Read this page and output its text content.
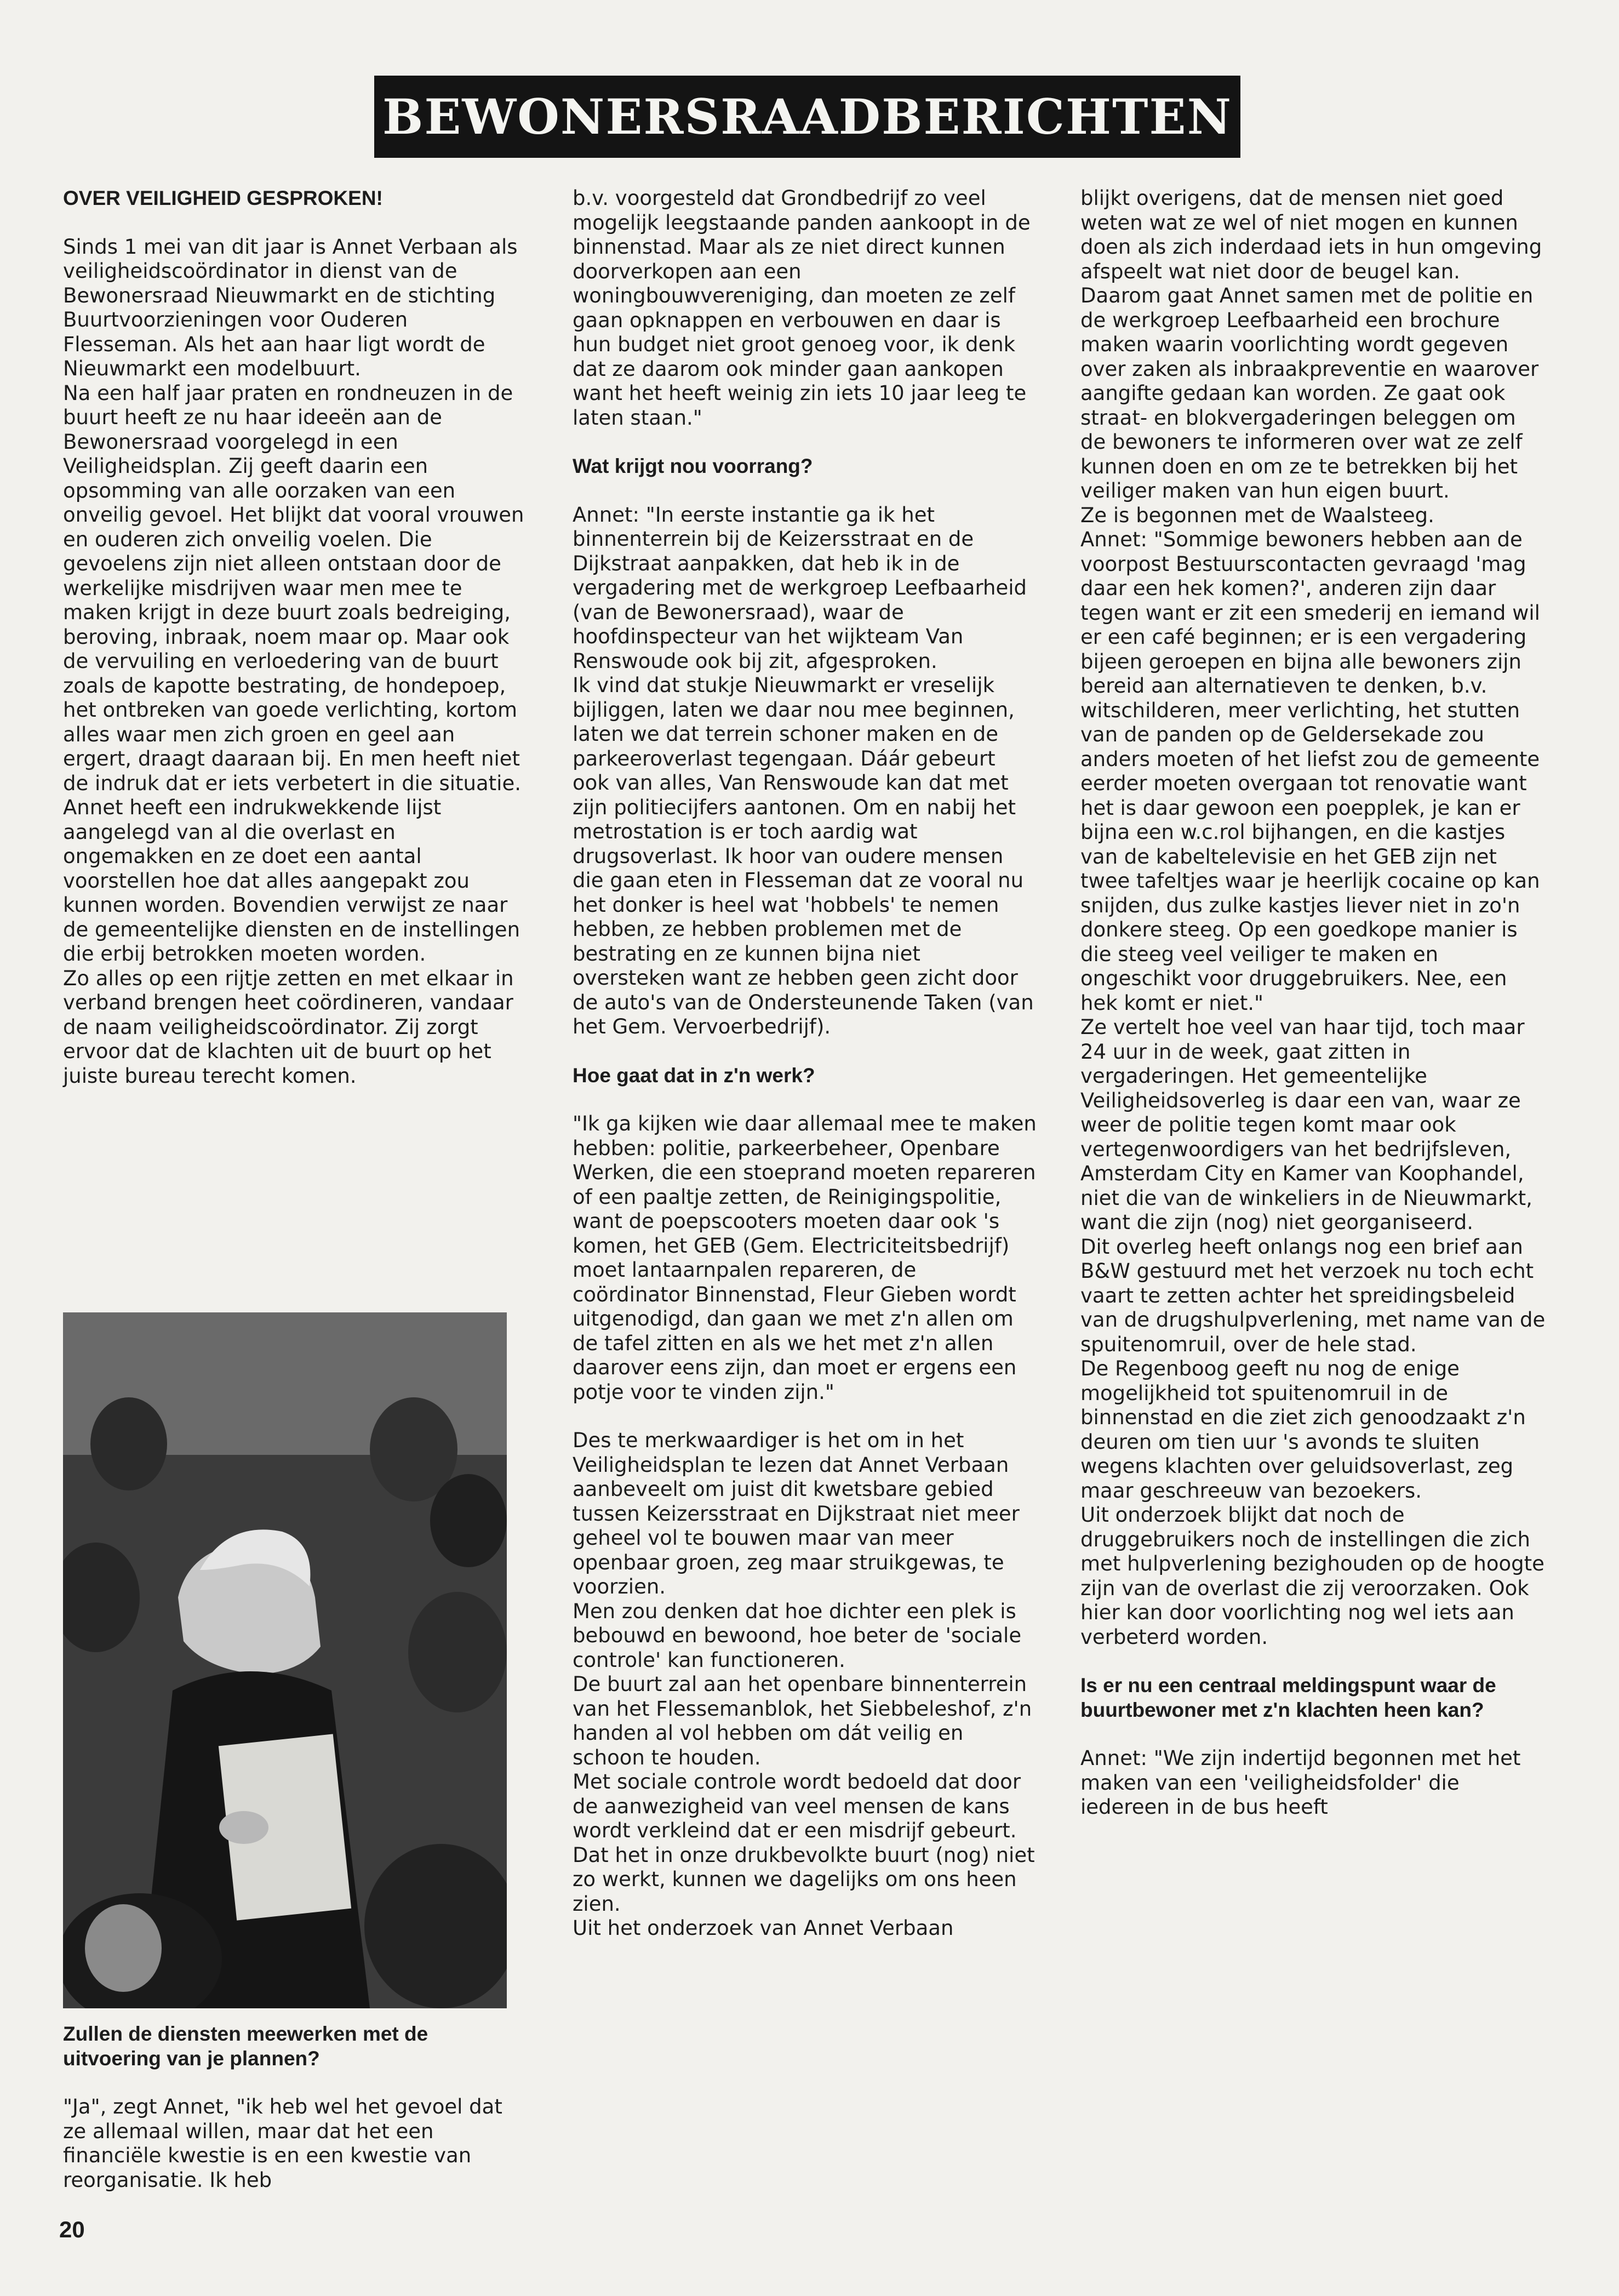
BEWONERSRAADBERICHTEN

OVER VEILIGHEID GESPROKEN!

Sinds 1 mei van dit jaar is Annet Verbaan als veiligheidscoördinator in dienst van de Bewonersraad Nieuwmarkt en de stichting Buurtvoorzieningen voor Ouderen Flesseman. Als het aan haar ligt wordt de Nieuwmarkt een modelbuurt.

Na een half jaar praten en rondneuzen in de buurt heeft ze nu haar ideeën aan de Bewonersraad voorgelegd in een Veiligheidsplan. Zij geeft daarin een opsomming van alle oorzaken van een onveilig gevoel. Het blijkt dat vooral vrouwen en ouderen zich onveilig voelen. Die gevoelens zijn niet alleen ontstaan door de werkelijke misdrijven waar men mee te maken krijgt in deze buurt zoals bedreiging, beroving, inbraak, noem maar op. Maar ook de vervuiling en verloedering van de buurt zoals de kapotte bestrating, de hondepoep, het ontbreken van goede verlichting, kortom alles waar men zich groen en geel aan ergert, draagt daaraan bij. En men heeft niet de indruk dat er iets verbetert in die situatie.

Annet heeft een indrukwekkende lijst aangelegd van al die overlast en ongemakken en ze doet een aantal voorstellen hoe dat alles aangepakt zou kunnen worden. Bovendien verwijst ze naar de gemeentelijke diensten en de instellingen die erbij betrokken moeten worden.

Zo alles op een rijtje zetten en met elkaar in verband brengen heet coördineren, vandaar de naam veiligheidscoördinator. Zij zorgt ervoor dat de klachten uit de buurt op het juiste bureau terecht komen.

Zullen de diensten meewerken met de uitvoering van je plannen?

"Ja", zegt Annet, "ik heb wel het gevoel dat ze allemaal willen, maar dat het een financiële kwestie is en een kwestie van reorganisatie. Ik heb

b.v. voorgesteld dat Grondbedrijf zo veel mogelijk leegstaande panden aankoopt in de binnenstad. Maar als ze niet direct kunnen doorverkopen aan een woningbouwvereniging, dan moeten ze zelf gaan opknappen en verbouwen en daar is hun budget niet groot genoeg voor, ik denk dat ze daarom ook minder gaan aankopen want het heeft weinig zin iets 10 jaar leeg te laten staan."

Wat krijgt nou voorrang?

Annet: "In eerste instantie ga ik het binnenterrein bij de Keizersstraat en de Dijkstraat aanpakken, dat heb ik in de vergadering met de werkgroep Leefbaarheid (van de Bewonersraad), waar de hoofdinspecteur van het wijkteam Van Renswoude ook bij zit, afgesproken.

Ik vind dat stukje Nieuwmarkt er vreselijk bijliggen, laten we daar nou mee beginnen, laten we dat terrein schoner maken en de parkeeroverlast tegengaan. Dáár gebeurt ook van alles, Van Renswoude kan dat met zijn politiecijfers aantonen. Om en nabij het metrostation is er toch aardig wat drugsoverlast. Ik hoor van oudere mensen die gaan eten in Flesseman dat ze vooral nu het donker is heel wat 'hobbels' te nemen hebben, ze hebben problemen met de bestrating en ze kunnen bijna niet oversteken want ze hebben geen zicht door de auto's van de Ondersteunende Taken (van het Gem. Vervoerbedrijf).

Hoe gaat dat in z'n werk?

"Ik ga kijken wie daar allemaal mee te maken hebben: politie, parkeerbeheer, Openbare Werken, die een stoeprand moeten repareren of een paaltje zetten, de Reinigingspolitie, want de poepscooters moeten daar ook 's komen, het GEB (Gem. Electriciteitsbedrijf) moet lantaarnpalen repareren, de coördinator Binnenstad, Fleur Gieben wordt uitgenodigd, dan gaan we met z'n allen om de tafel zitten en als we het met z'n allen daarover eens zijn, dan moet er ergens een potje voor te vinden zijn."

Des te merkwaardiger is het om in het Veiligheidsplan te lezen dat Annet Verbaan aanbeveelt om juist dit kwetsbare gebied tussen Keizersstraat en Dijkstraat niet meer geheel vol te bouwen maar van meer openbaar groen, zeg maar struikgewas, te voorzien.

Men zou denken dat hoe dichter een plek is bebouwd en bewoond, hoe beter de 'sociale controle' kan functioneren.

De buurt zal aan het openbare binnenterrein van het Flessemanblok, het Siebbeleshof, z'n handen al vol hebben om dát veilig en schoon te houden.

Met sociale controle wordt bedoeld dat door de aanwezigheid van veel mensen de kans wordt verkleind dat er een misdrijf gebeurt. Dat het in onze drukbevolkte buurt (nog) niet zo werkt, kunnen we dagelijks om ons heen zien.

Uit het onderzoek van Annet Verbaan

blijkt overigens, dat de mensen niet goed weten wat ze wel of niet mogen en kunnen doen als zich inderdaad iets in hun omgeving afspeelt wat niet door de beugel kan. Daarom gaat Annet samen met de politie en de werkgroep Leefbaarheid een brochure maken waarin voorlichting wordt gegeven over zaken als inbraakpreventie en waarover aangifte gedaan kan worden. Ze gaat ook straat- en blokvergaderingen beleggen om de bewoners te informeren over wat ze zelf kunnen doen en om ze te betrekken bij het veiliger maken van hun eigen buurt.

Ze is begonnen met de Waalsteeg.

Annet: "Sommige bewoners hebben aan de voorpost Bestuurscontacten gevraagd 'mag daar een hek komen?', anderen zijn daar tegen want er zit een smederij en iemand wil er een café beginnen; er is een vergadering bijeen geroepen en bijna alle bewoners zijn bereid aan alternatieven te denken, b.v. witschilderen, meer verlichting, het stutten van de panden op de Geldersekade zou anders moeten of het liefst zou de gemeente eerder moeten overgaan tot renovatie want het is daar gewoon een poepplek, je kan er bijna een w.c.rol bijhangen, en die kastjes van de kabeltelevisie en het GEB zijn net twee tafeltjes waar je heerlijk cocaine op kan snijden, dus zulke kastjes liever niet in zo'n donkere steeg. Op een goedkope manier is die steeg veel veiliger te maken en ongeschikt voor druggebruikers. Nee, een hek komt er niet."

Ze vertelt hoe veel van haar tijd, toch maar 24 uur in de week, gaat zitten in vergaderingen. Het gemeentelijke Veiligheidsoverleg is daar een van, waar ze weer de politie tegen komt maar ook vertegenwoordigers van het bedrijfsleven, Amsterdam City en Kamer van Koophandel, niet die van de winkeliers in de Nieuwmarkt, want die zijn (nog) niet georganiseerd.

Dit overleg heeft onlangs nog een brief aan B&W gestuurd met het verzoek nu toch echt vaart te zetten achter het spreidingsbeleid van de drugshulpverlening, met name van de spuitenomruil, over de hele stad.

De Regenboog geeft nu nog de enige mogelijkheid tot spuitenomruil in de binnenstad en die ziet zich genoodzaakt z'n deuren om tien uur 's avonds te sluiten wegens klachten over geluidsoverlast, zeg maar geschreeuw van bezoekers.

Uit onderzoek blijkt dat noch de druggebruikers noch de instellingen die zich met hulpverlening bezighouden op de hoogte zijn van de overlast die zij veroorzaken. Ook hier kan door voorlichting nog wel iets aan verbeterd worden.

Is er nu een centraal meldingspunt waar de buurtbewoner met z'n klachten heen kan?

Annet: "We zijn indertijd begonnen met het maken van een 'veiligheidsfolder' die iedereen in de bus heeft

20
